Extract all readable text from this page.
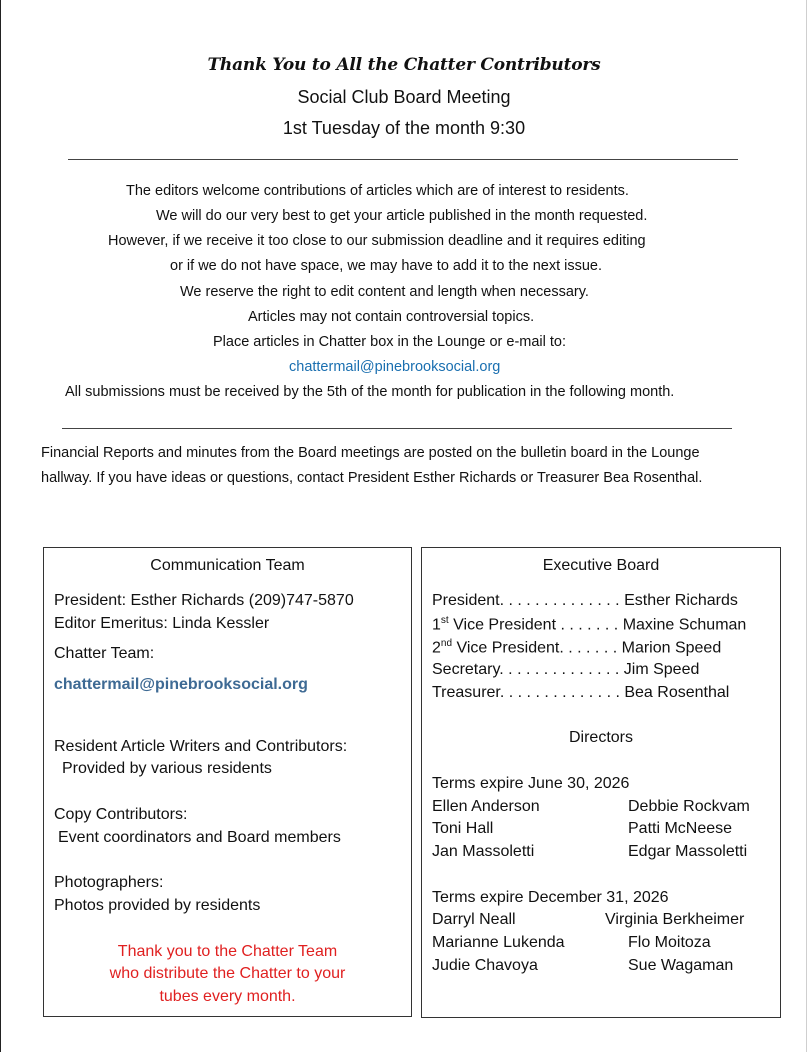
Thank You to All the Chatter Contributors
Social Club Board Meeting
1st Tuesday of the month 9:30
The editors welcome contributions of articles which are of interest to residents.
We will do our very best to get your article published in the month requested.
However, if we receive it too close to our submission deadline and it requires editing
or if we do not have space, we may have to add it to the next issue.
We reserve the right to edit content and length when necessary.
Articles may not contain controversial topics.
Place articles in Chatter box in the Lounge or e-mail to:
chattermail@pinebrooksocial.org
All submissions must be received by the 5th of the month for publication in the following month.
Financial Reports and minutes from the Board meetings are posted on the bulletin board in the Lounge
hallway. If you have ideas or questions, contact President Esther Richards or Treasurer Bea Rosenthal.
Communication Team
President: Esther Richards (209)747-5870
Editor Emeritus: Linda Kessler
Chatter Team:
chattermail@pinebrooksocial.org
Resident Article Writers and Contributors:
Provided by various residents
Copy Contributors:
Event coordinators and Board members
Photographers:
Photos provided by residents
Thank you to the Chatter Team
who distribute the Chatter to your
tubes every month.
Executive Board
President. . . . . . . . . . . . . . Esther Richards
1st Vice President . . . . . . . Maxine Schuman
2nd Vice President. . . . . . . Marion Speed
Secretary. . . . . . . . . . . . . . Jim Speed
Treasurer. . . . . . . . . . . . . . Bea Rosenthal
Directors
Terms expire June 30, 2026
Ellen Anderson	Debbie Rockvam
Toni Hall	Patti McNeese
Jan Massoletti	Edgar Massoletti
Terms expire December 31, 2026
Darryl Neall	Virginia Berkheimer
Marianne Lukenda	Flo Moitoza
Judie Chavoya	Sue Wagaman
